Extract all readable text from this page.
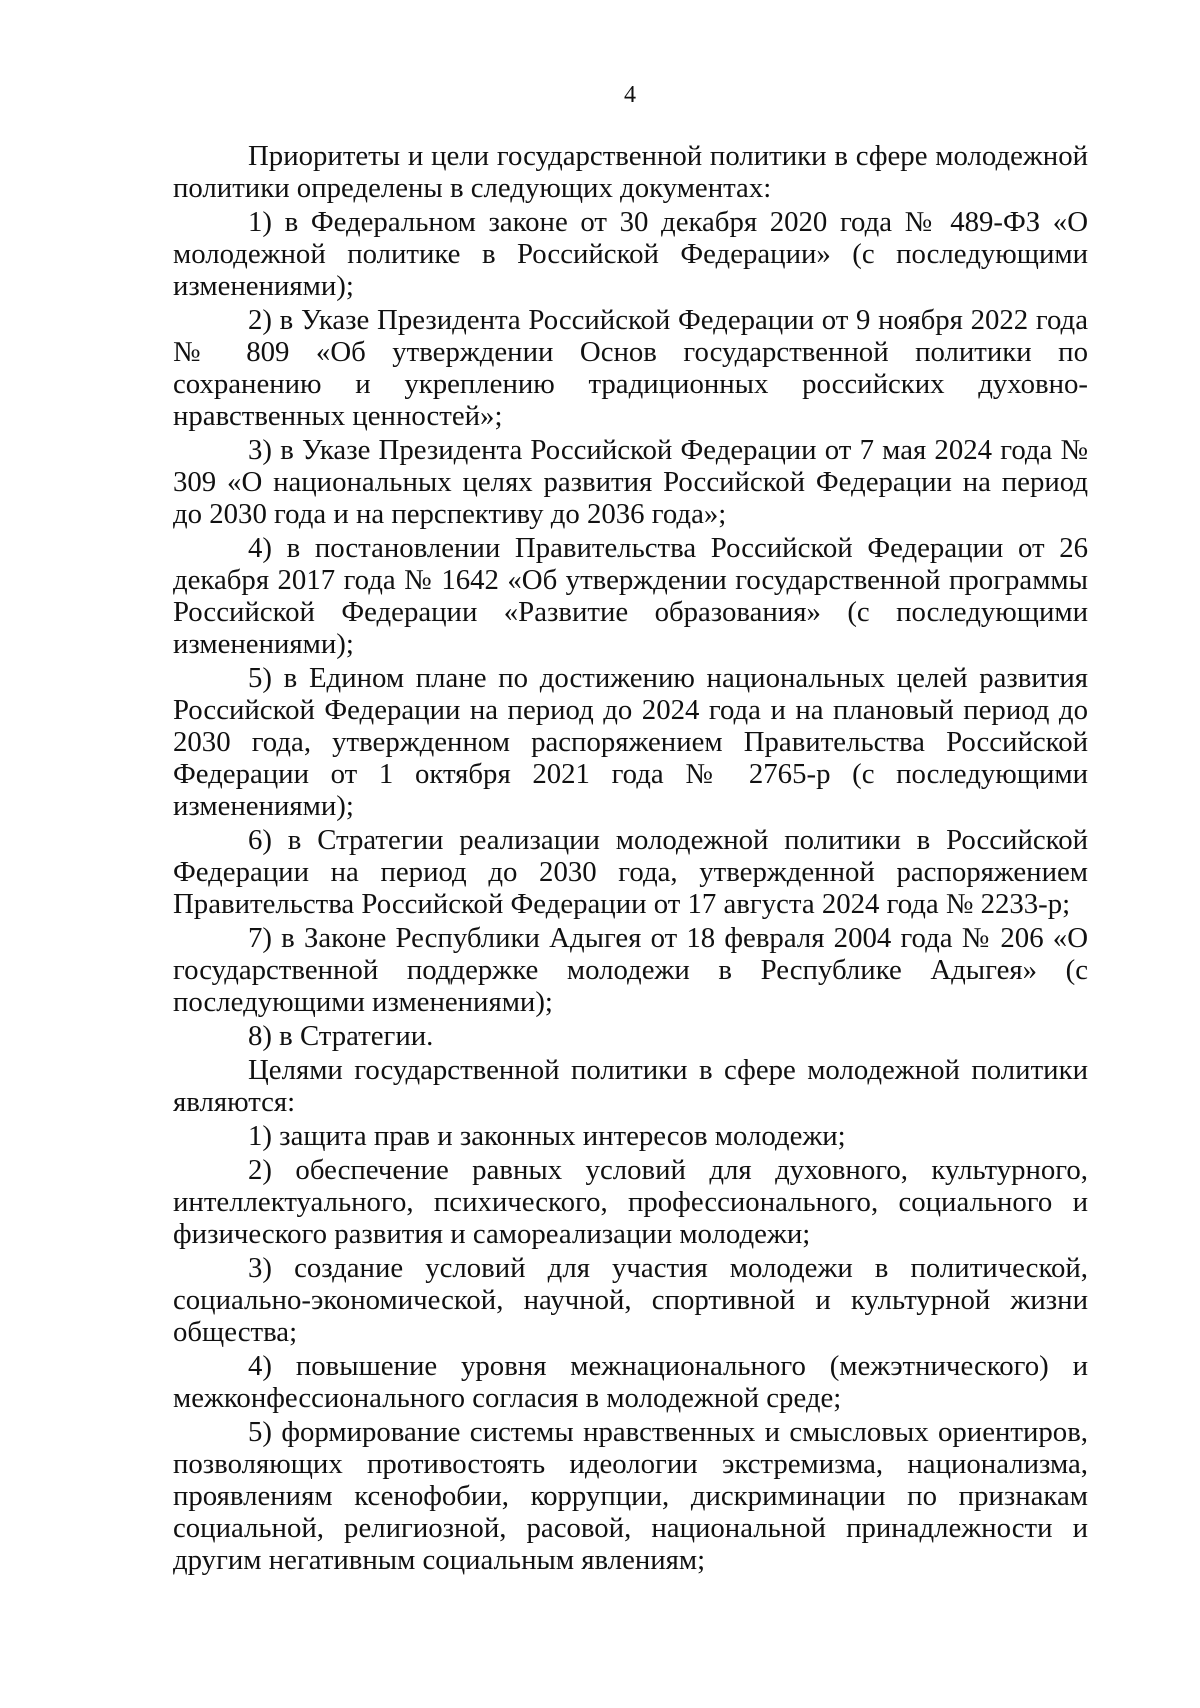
4

Приоритеты и цели государственной политики в сфере молодежной политики определены в следующих документах:

1) в Федеральном законе от 30 декабря 2020 года № 489-ФЗ «О молодежной политике в Российской Федерации» (с последующими изменениями);

2) в Указе Президента Российской Федерации от 9 ноября 2022 года № 809 «Об утверждении Основ государственной политики по сохранению и укреплению традиционных российских духовно-нравственных ценностей»;

3) в Указе Президента Российской Федерации от 7 мая 2024 года № 309 «О национальных целях развития Российской Федерации на период до 2030 года и на перспективу до 2036 года»;

4) в постановлении Правительства Российской Федерации от 26 декабря 2017 года № 1642 «Об утверждении государственной программы Российской Федерации «Развитие образования» (с последующими изменениями);

5) в Едином плане по достижению национальных целей развития Российской Федерации на период до 2024 года и на плановый период до 2030 года, утвержденном распоряжением Правительства Российской Федерации от 1 октября 2021 года № 2765-р (с последующими изменениями);

6) в Стратегии реализации молодежной политики в Российской Федерации на период до 2030 года, утвержденной распоряжением Правительства Российской Федерации от 17 августа 2024 года № 2233-р;

7) в Законе Республики Адыгея от 18 февраля 2004 года № 206 «О государственной поддержке молодежи в Республике Адыгея» (с последующими изменениями);

8) в Стратегии.

Целями государственной политики в сфере молодежной политики являются:

1) защита прав и законных интересов молодежи;

2) обеспечение равных условий для духовного, культурного, интеллектуального, психического, профессионального, социального и физического развития и самореализации молодежи;

3) создание условий для участия молодежи в политической, социально-экономической, научной, спортивной и культурной жизни общества;

4) повышение уровня межнационального (межэтнического) и межконфессионального согласия в молодежной среде;

5) формирование системы нравственных и смысловых ориентиров, позволяющих противостоять идеологии экстремизма, национализма, проявлениям ксенофобии, коррупции, дискриминации по признакам социальной, религиозной, расовой, национальной принадлежности и другим негативным социальным явлениям;
